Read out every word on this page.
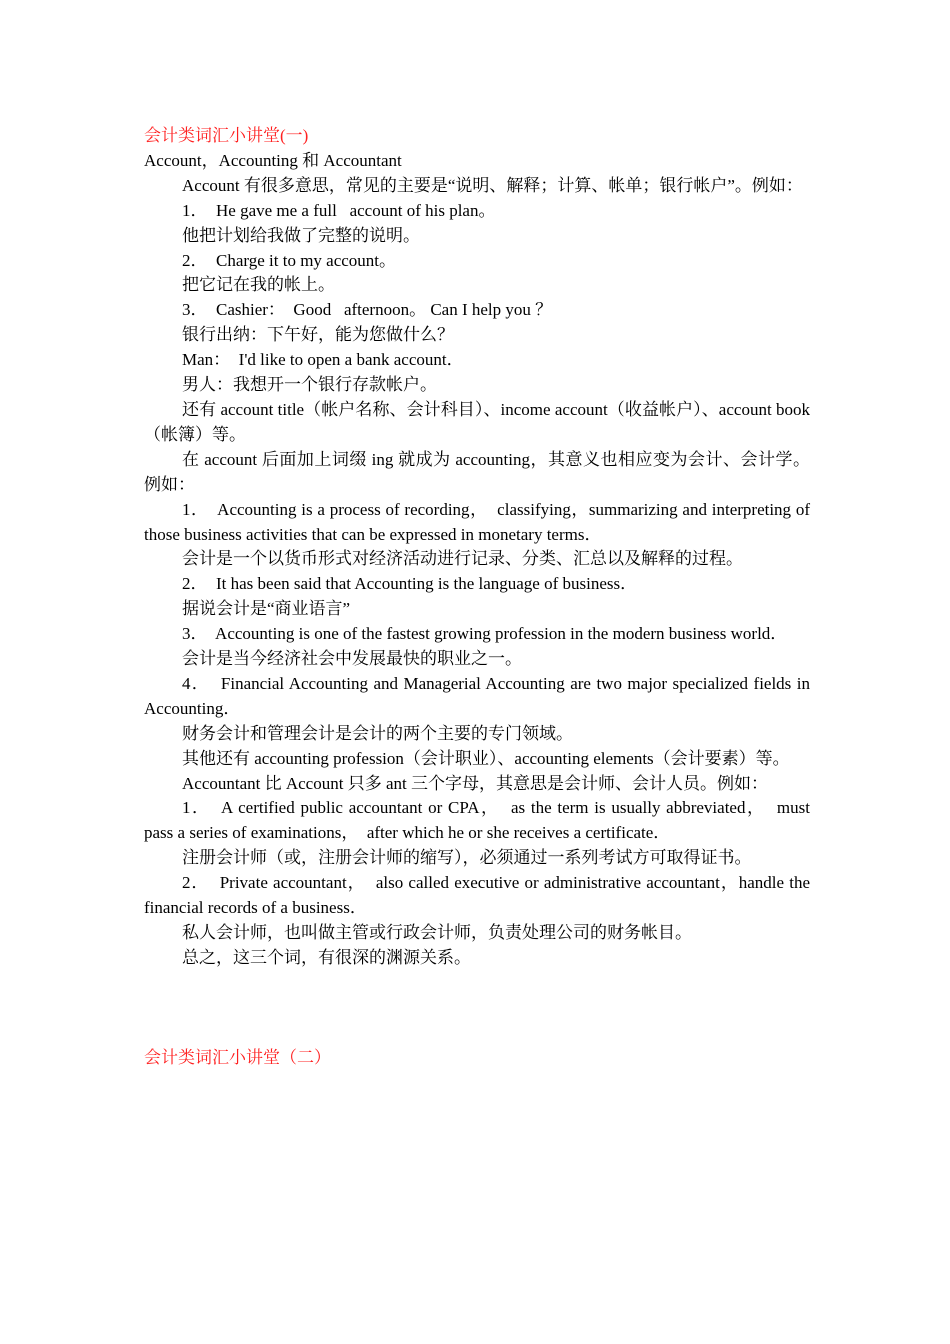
会计类词汇小讲堂(一)

Account，Accounting 和 Accountant

Account 有很多意思，常见的主要是“说明、解释；计算、帐单；银行帐户”。例如：

1．  He gave me a full   account of his plan。

他把计划给我做了完整的说明。

2．  Charge it to my account。

把它记在我的帐上。

3．  Cashier：  Good   afternoon。 Can I help you ？

银行出纳：下午好，能为您做什么？

Man：  I'd like to open a bank account．

男人：我想开一个银行存款帐户。

还有 account title（帐户名称、会计科目）、income account（收益帐户）、account book（帐簿）等。

在 account 后面加上词缀 ing 就成为 accounting，其意义也相应变为会计、会计学。例如：

1．  Accounting is a process of recording，  classifying，summarizing and interpreting of those business activities that can be expressed in monetary terms．

会计是一个以货币形式对经济活动进行记录、分类、汇总以及解释的过程。

2．  It has been said that Accounting is the language of business．

据说会计是“商业语言”

3．  Accounting is one of the fastest growing profession in the modern business world．

会计是当今经济社会中发展最快的职业之一。

4．  Financial Accounting and Managerial Accounting are two major specialized fields in Accounting．

财务会计和管理会计是会计的两个主要的专门领域。

其他还有 accounting profession（会计职业）、accounting elements（会计要素）等。

Accountant 比 Account 只多 ant 三个字母，其意思是会计师、会计人员。例如：

1．  A certified public accountant or CPA，  as the term is usually abbreviated，  must pass a series of examinations，  after which he or she receives a certificate．

注册会计师（或，注册会计师的缩写），必须通过一系列考试方可取得证书。

2．  Private accountant，  also called executive or administrative accountant，handle the financial records of a business．

私人会计师，也叫做主管或行政会计师，负责处理公司的财务帐目。

总之，这三个词，有很深的渊源关系。

会计类词汇小讲堂（二）
